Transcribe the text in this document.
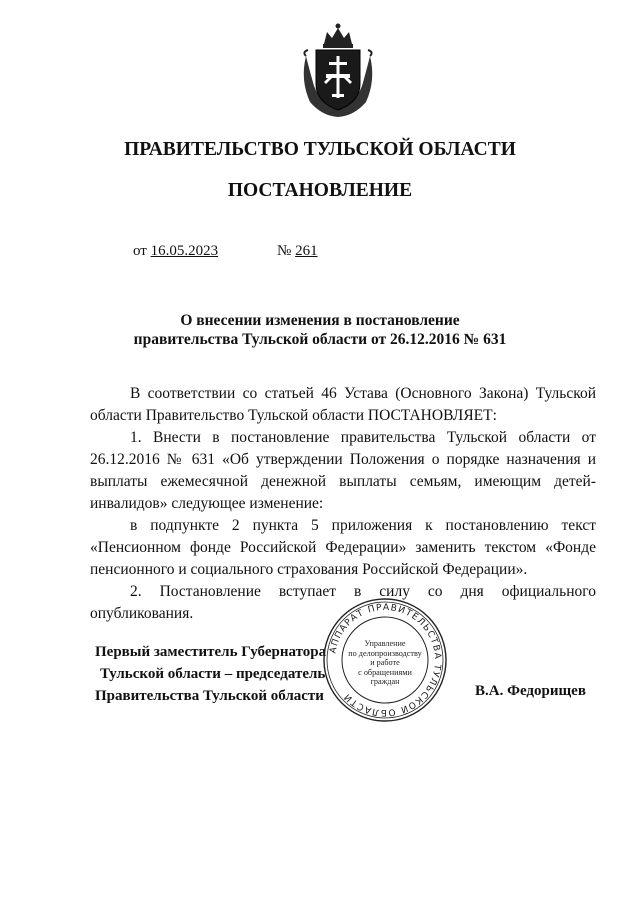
ПРАВИТЕЛЬСТВО ТУЛЬСКОЙ ОБЛАСТИ
ПОСТАНОВЛЕНИЕ
от 16.05.2023	№ 261
О внесении изменения в постановление
правительства Тульской области от 26.12.2016 № 631

В соответствии со статьей 46 Устава (Основного Закона) Тульской области Правительство Тульской области ПОСТАНОВЛЯЕТ:

1. Внести в постановление правительства Тульской области от 26.12.2016 № 631 «Об утверждении Положения о порядке назначения и выплаты ежемесячной денежной выплаты семьям, имеющим детей-инвалидов» следующее изменение:

в подпункте 2 пункта 5 приложения к постановлению текст «Пенсионном фонде Российской Федерации» заменить текстом «Фонде пенсионного и социального страхования Российской Федерации».

2. Постановление вступает в силу со дня официального опубликования.

Первый заместитель Губернатора
Тульской области – председатель
Правительства Тульской области
АППАРАТ ПРАВИТЕЛЬСТВА ТУЛЬСКОЙ ОБЛАСТИ
Управление
по делопроизводству
и работе
с обращениями
граждан
В.А. Федорищев
